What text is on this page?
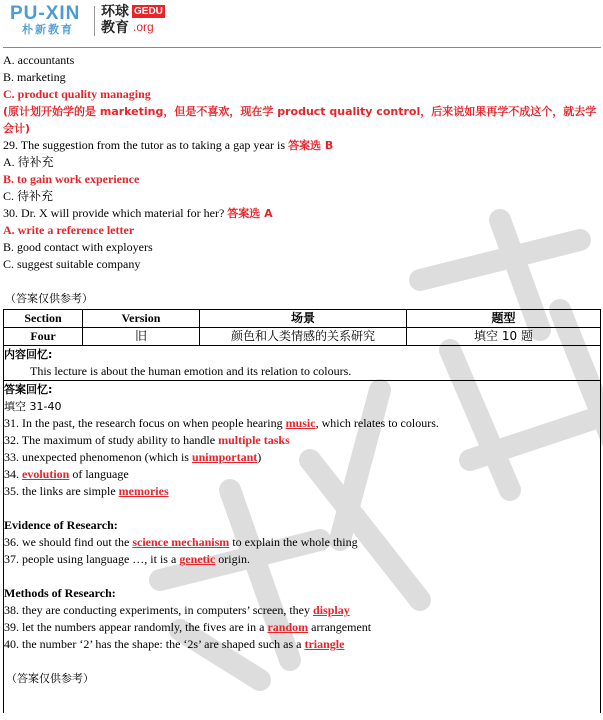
PU-XIN
朴新教育
环球
教育
GEDU
.org
A. accountants
B. marketing
C. product quality managing
(原计划开始学的是 marketing，但是不喜欢，现在学 product quality control，后来说如果再学不成这个，就去学会计)
29. The suggestion from the tutor as to taking a gap year is 答案选 B
A. 待补充
B. to gain work experience
C. 待补充
30. Dr. X will provide which material for her? 答案选 A
A. write a reference letter
B. good contact with exployers
C. suggest suitable company
（答案仅供参考）
Section	Version	场景	题型
Four	旧	颜色和人类情感的关系研究	填空 10 题
内容回忆:
This lecture is about the human emotion and its relation to colours.
答案回忆:
填空 31-40
31. In the past, the research focus on when people hearing music, which relates to colours.
32. The maximum of study ability to handle multiple tasks
33. unexpected phenomenon (which is unimportant)
34. evolution of language
35. the links are simple memories
Evidence of Research:
36. we should find out the science mechanism to explain the whole thing
37. people using language …, it is a genetic origin.
Methods of Research:
38. they are conducting experiments, in computers’ screen, they display
39. let the numbers appear randomly, the fives are in a random arrangement
40. the number ‘2’ has the shape: the ‘2s’ are shaped such as a triangle
（答案仅供参考）
